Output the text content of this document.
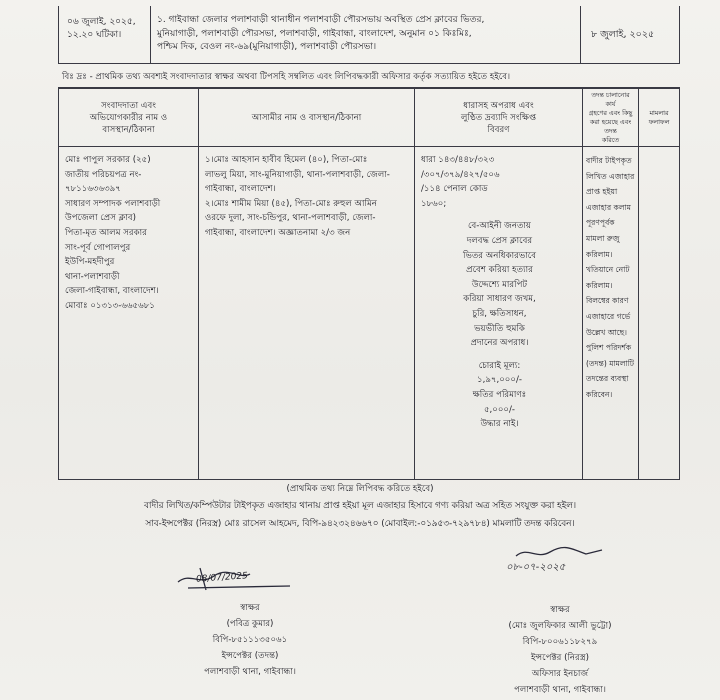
০৬ জুলাই, ২০২৫,
১২.২০ ঘটিকা।
১. গাইবান্ধা জেলার পলাশবাড়ী থানাধীন পলাশবাড়ী পৌরসভায় অবস্থিত প্রেস ক্লাবের ভিতর,
মুনিয়াগাড়ী, পলাশবাড়ী পৌরসভা, পলাশবাড়ী, গাইবান্ধা, বাংলাদেশ, অনুমান ০১ কিঃমিঃ,
পশ্চিম দিক, বেওল নং-৬৯(মুনিয়াগাড়ী), পলাশবাড়ী পৌরসভা।
৮ জুলাই, ২০২৫
বিঃ দ্রঃ - প্রাথমিক তথ্য অবশ্যই সংবাদদাতার স্বাক্ষর অথবা টিপসহি সম্বলিত এবং লিপিবদ্ধকারী অফিসার কর্তৃক সত্যায়িত হইতে হইবে।
সংবাদদাতা এবং
অভিযোগকারীর নাম ও
বাসস্থান/ঠিকানা
মোঃ পাপুল সরকার (২৫)
জাতীয় পরিচয়পত্র নং-
৭৮১১৬৩৬৩৯৭
সাধারণ সম্পাদক পলাশবাড়ী
উপজেলা প্রেস ক্লাব)
পিতা-মৃত আলম সরকার
সাং-পূর্ব গোপালপুর
ইউপি-মহদীপুর
থানা-পলাশবাড়ী
জেলা-গাইবান্ধা, বাংলাদেশ।
মোবাঃ ০১৩১৩-৬৬৫৬৮১
আসামীর নাম ও বাসস্থান/ঠিকানা
১।মোঃ আহসান হাবীব হিমেল (৪০), পিতা-মোঃ
লাভলু মিয়া, সাং-মুনিয়াগাড়ী, থানা-পলাশবাড়ী, জেলা-
গাইবান্ধা, বাংলাদেশ।
২।মোঃ শামীম মিয়া (৪৫), পিতা-মোঃ রুহুল আমিন
ওরফে দুলা, সাং-চন্ডিপুর, থানা-পলাশবাড়ী, জেলা-
গাইবান্ধা, বাংলাদেশ। অজ্ঞাতনামা ২/৩ জন
ধারাসহ অপরাধ এবং
লুণ্ঠিত দ্রব্যাদি সংক্ষিপ্ত
বিবরণ
ধারা ১৪৩/৪৪৮/৩২৩
/৩০৭/৩৭৯/৪২৭/৫০৬
/১১৪ পেনাল কোড
১৮৬০;
বে-আইনী জনতায়
দলবদ্ধ প্রেস ক্লাবের
ভিতর অনধিকারভাবে
প্রবেশ করিয়া হত্যার
উদ্দেশ্যে মারপিট
করিয়া সাধারণ জখম,
চুরি, ক্ষতিসাধন,
ভয়ভীতি হুমকি
প্রদানের অপরাধ।
চোরাই মূল্য:
১,৯৭,০০০/-
ক্ষতির পরিমাণঃ
৫,০০০/-
উদ্ধার নাই।
তদন্ত চালানোর কার্য
গ্রহণের এবং কিছু
করা হয়েছে এবং তদন্ত
করিতে
বাদীর টাইপকৃত
লিখিত এজাহার
প্রাপ্ত হইয়া
এজাহার কলাম
পূরণপূর্বক
মামলা রুজু
করিলাম।
খতিয়ানে নোট
করিলাম।
বিলম্বের কারণ
এজাহারে গর্ভে
উল্লেখ আছে।
পুলিশ পরিদর্শক
(তদন্ত) মামলাটি
তদন্তের ব্যবস্থা
করিবেন।
মামলার
ফলাফল
(প্রাথমিক তথ্য নিম্নে লিপিবদ্ধ করিতে হইবে)
বাদীর লিখিত/কম্পিউটার টাইপকৃত এজাহার থানায় প্রাপ্ত হইয়া মূল এজাহার হিসাবে গণ্য করিয়া অত্র সহিত সংযুক্ত করা হইল।
সাব-ইন্সপেক্টর (নিরস্ত্র) মোঃ রাসেল আহমেদ, বিপি-৯৪২৩২৪৬৬৭০ (মোবাইল:-০১৯৫৩-৭২৯৭৮৪) মামলাটি তদন্ত করিবেন।
08/07/2025
স্বাক্ষর
(পবিত্র কুমার)
বিপি-৮৫১১১৩৫০৬১
ইন্সপেক্টর (তদন্ত)
পলাশবাড়ী থানা, গাইবান্ধা।
০৮-০৭-২০২৫
স্বাক্ষর
(মোঃ জুলফিকার আলী ভুট্টো)
বিপি-৮০০৬১১৮২৭৯
ইন্সপেক্টর (নিরস্ত্র)
অফিসার ইনচার্জ
পলাশবাড়ী থানা, গাইবান্ধা।
